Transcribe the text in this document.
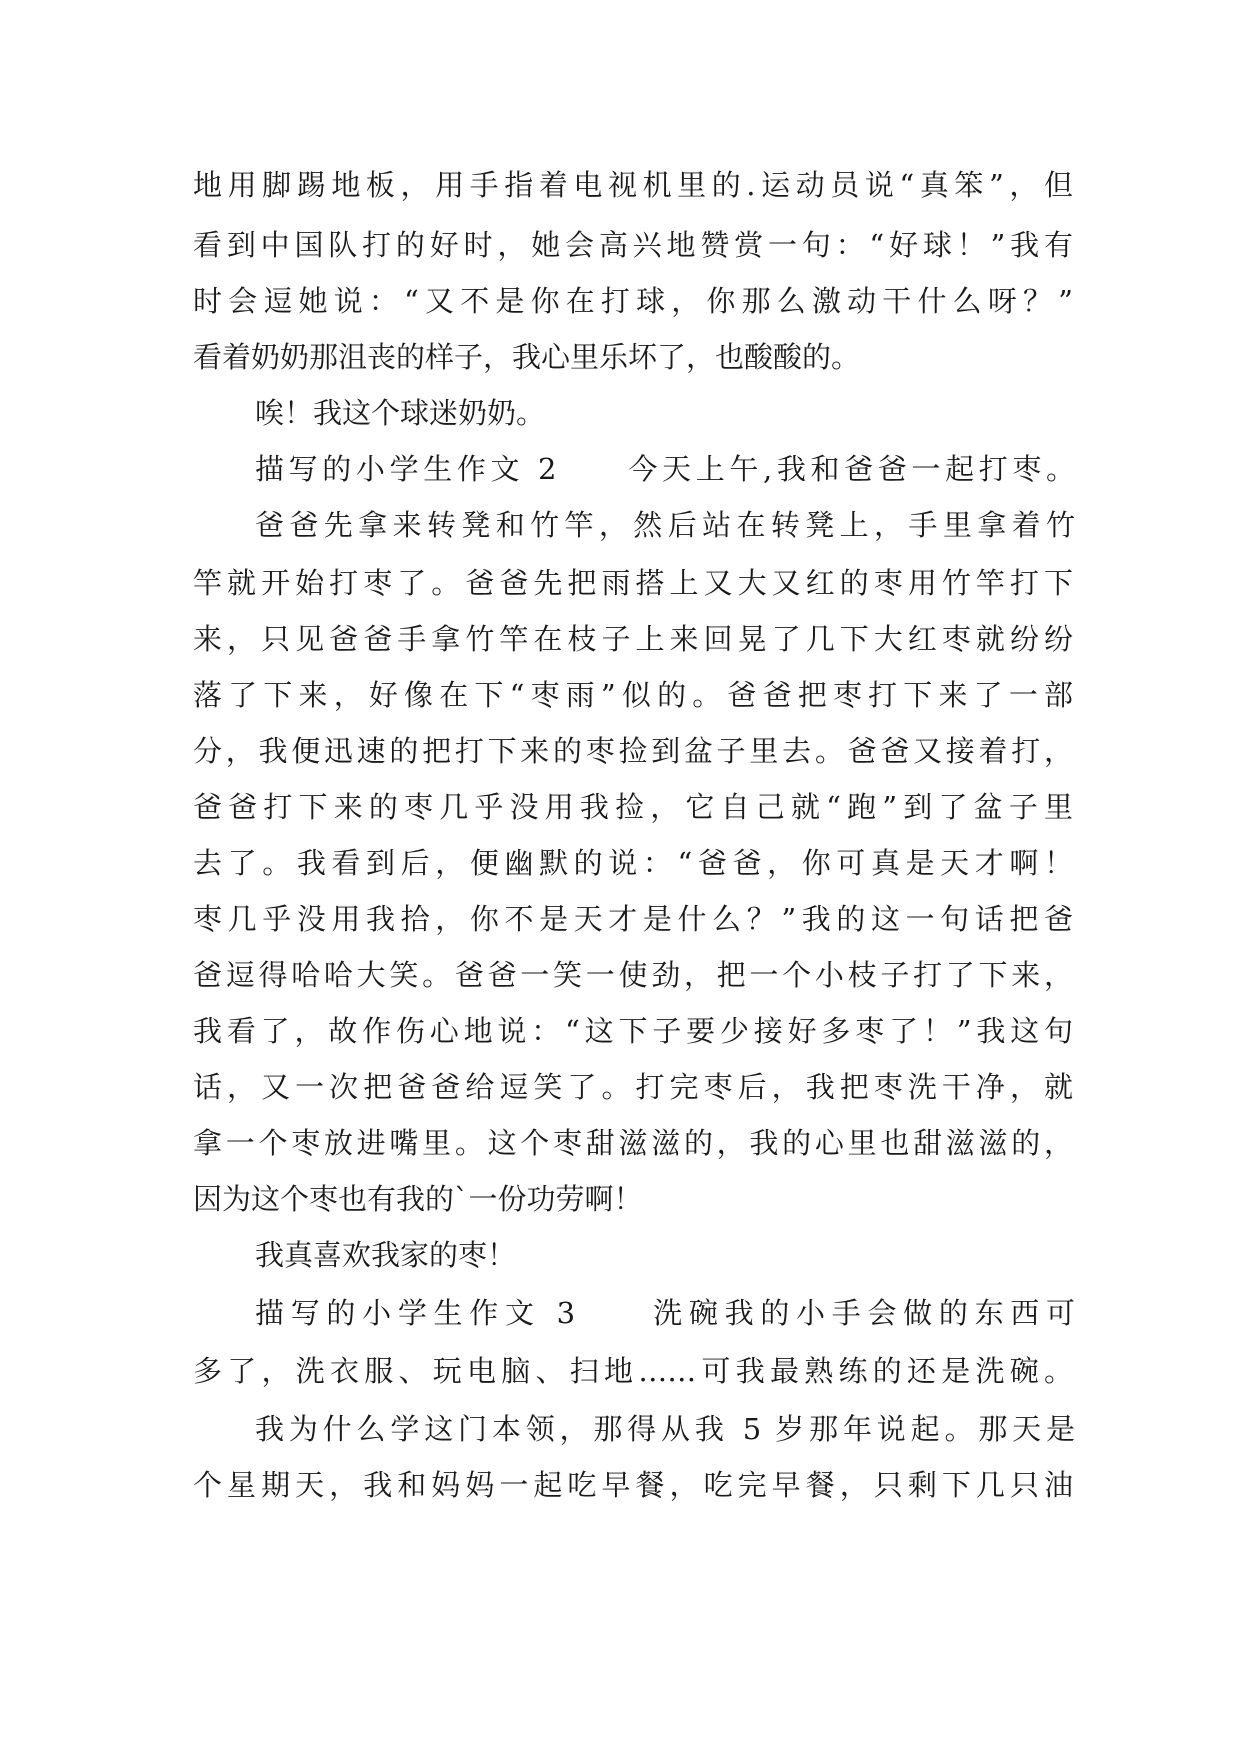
地用脚踢地板，用手指着电视机里的.运动员说“真笨”，但
看到中国队打的好时，她会高兴地赞赏一句：“好球！”我有
时会逗她说：“又不是你在打球，你那么激动干什么呀？”
看着奶奶那沮丧的样子，我心里乐坏了，也酸酸的。
唉！我这个球迷奶奶。
描写的小学生作文 2　　今天上午,我和爸爸一起打枣。
爸爸先拿来转凳和竹竿，然后站在转凳上，手里拿着竹
竿就开始打枣了。爸爸先把雨搭上又大又红的枣用竹竿打下
来，只见爸爸手拿竹竿在枝子上来回晃了几下大红枣就纷纷
落了下来，好像在下“枣雨”似的。爸爸把枣打下来了一部
分，我便迅速的把打下来的枣捡到盆子里去。爸爸又接着打，
爸爸打下来的枣几乎没用我捡，它自己就“跑”到了盆子里
去了。我看到后，便幽默的说：“爸爸，你可真是天才啊！
枣几乎没用我拾，你不是天才是什么？”我的这一句话把爸
爸逗得哈哈大笑。爸爸一笑一使劲，把一个小枝子打了下来，
我看了，故作伤心地说：“这下子要少接好多枣了！”我这句
话，又一次把爸爸给逗笑了。打完枣后，我把枣洗干净，就
拿一个枣放进嘴里。这个枣甜滋滋的，我的心里也甜滋滋的，
因为这个枣也有我的`一份功劳啊！
我真喜欢我家的枣！
描写的小学生作文 3　　洗碗我的小手会做的东西可
多了，洗衣服、玩电脑、扫地……可我最熟练的还是洗碗。
我为什么学这门本领，那得从我 5 岁那年说起。那天是
个星期天，我和妈妈一起吃早餐，吃完早餐，只剩下几只油
